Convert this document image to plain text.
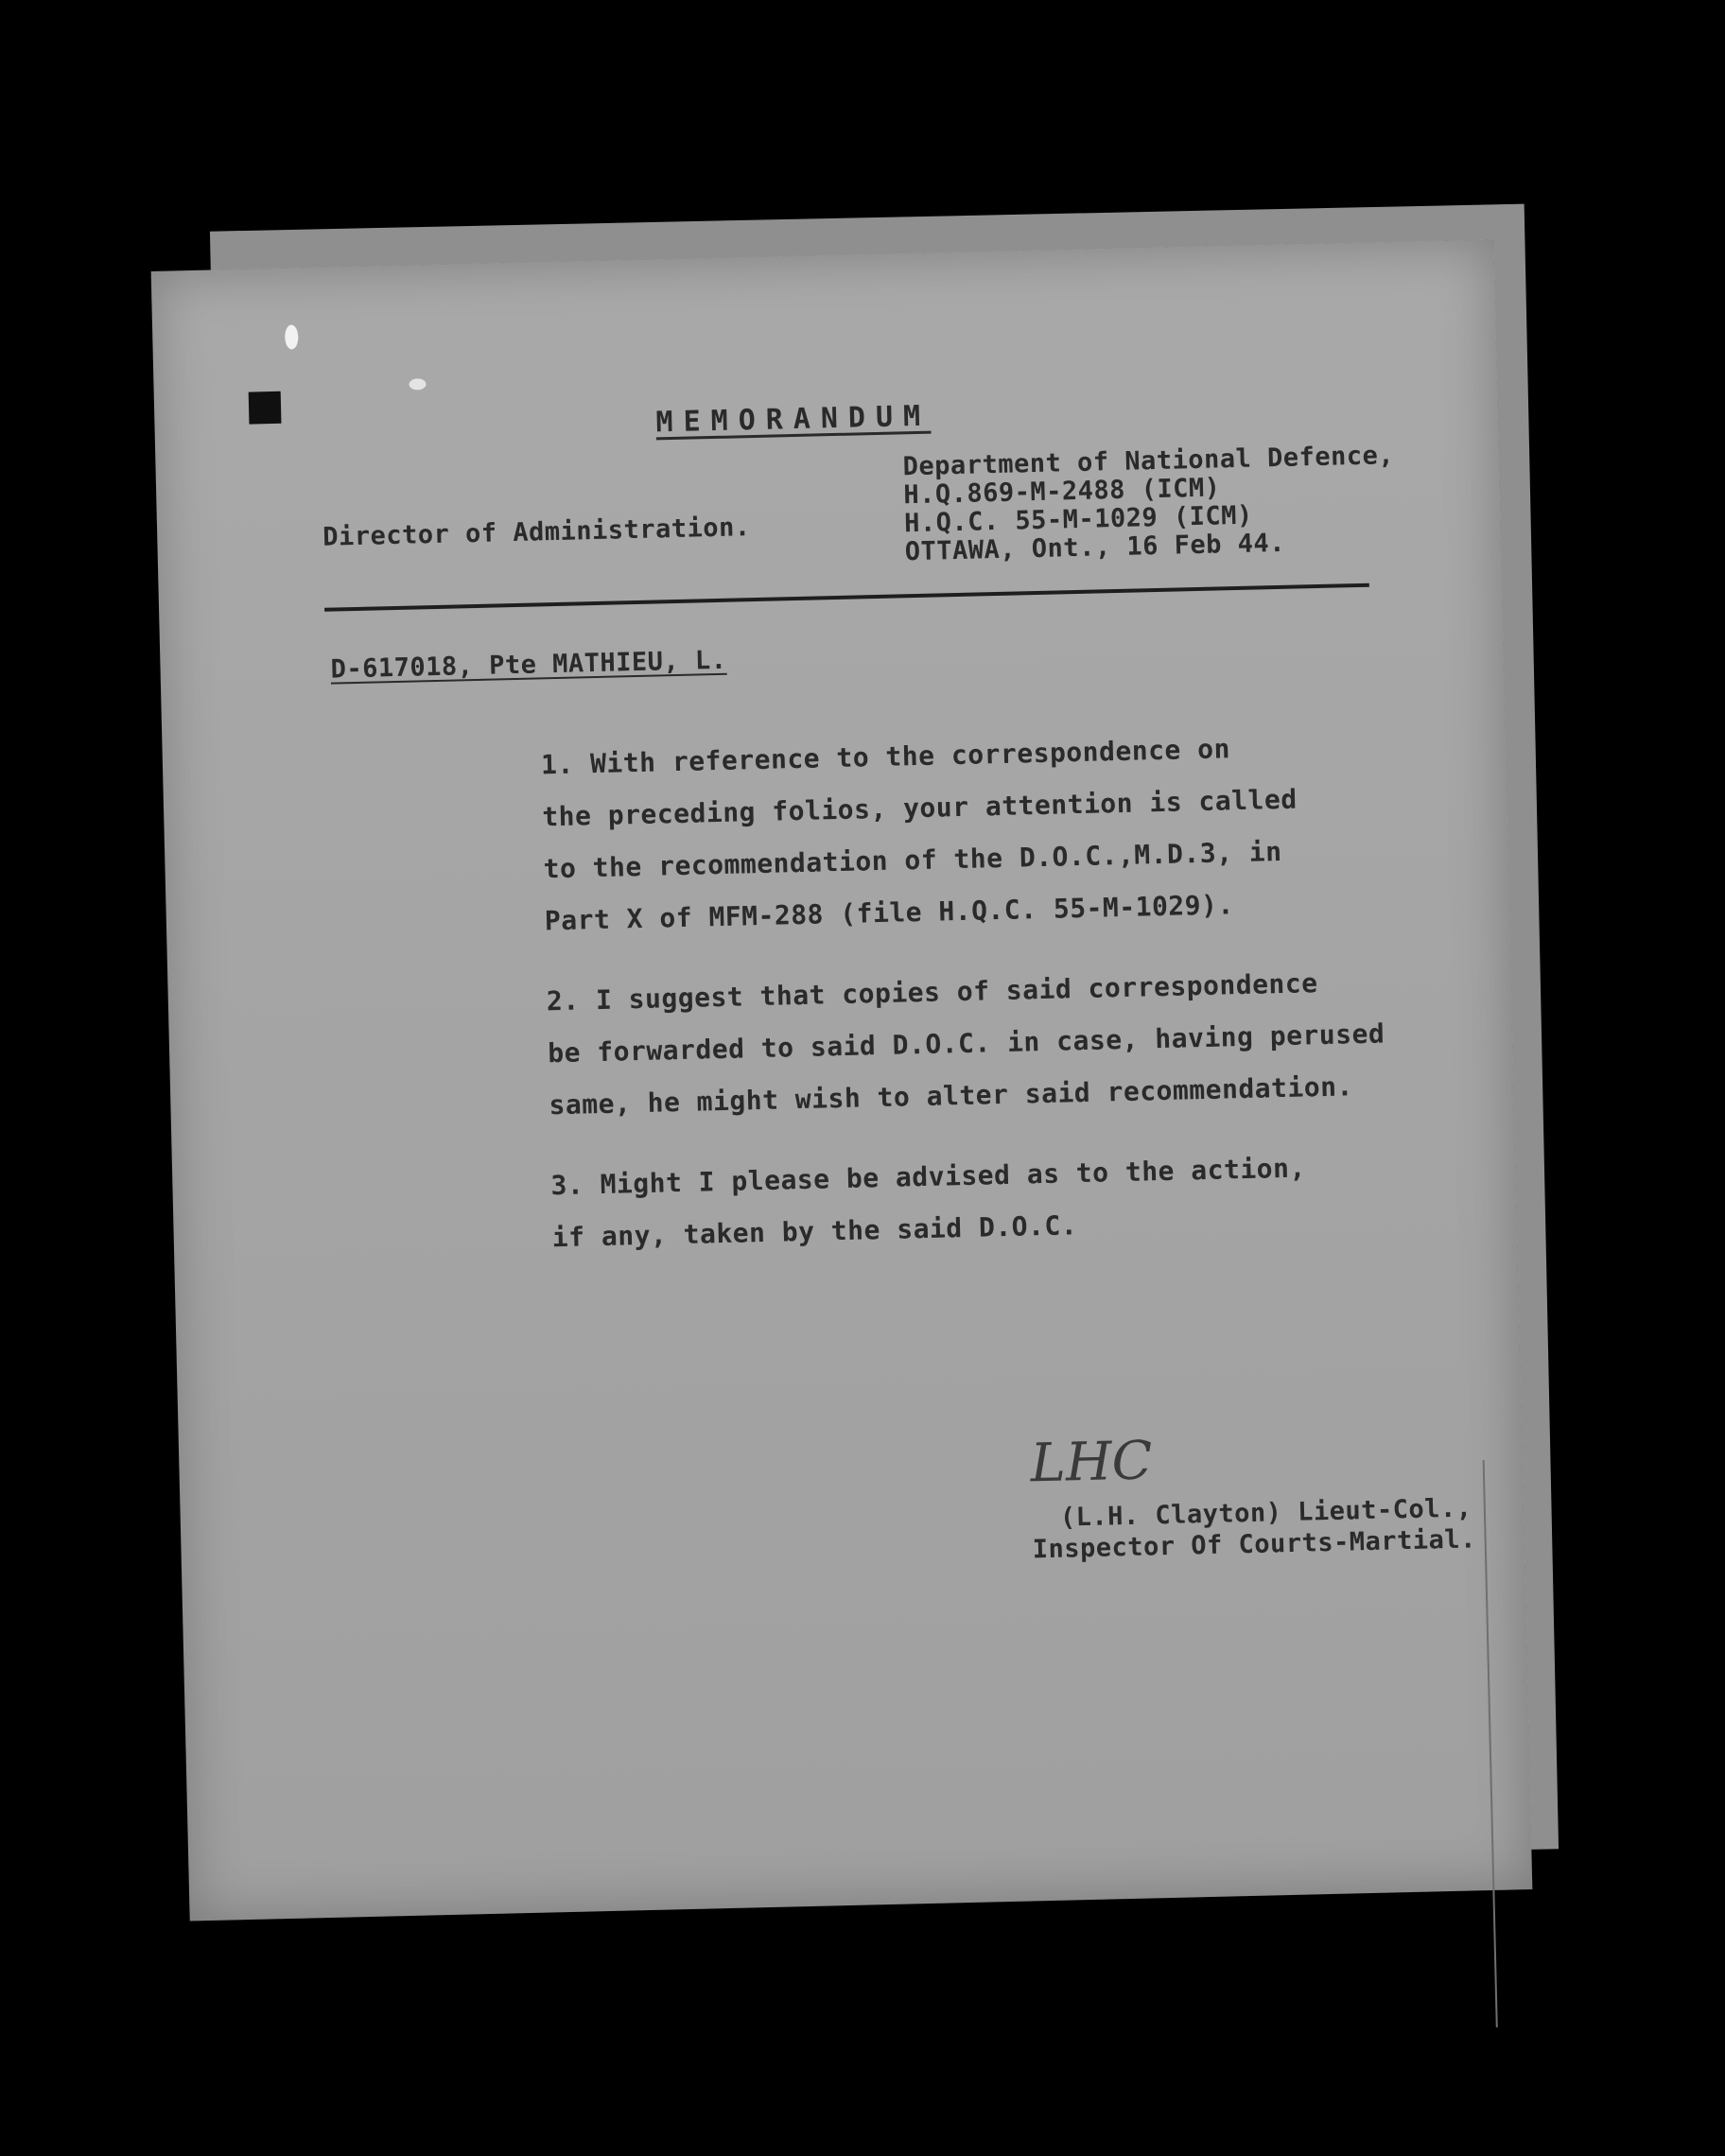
MEMORANDUM
Department of National Defence,
H.Q.869-M-2488 (ICM)
H.Q.C. 55-M-1029 (ICM)
OTTAWA, Ont., 16 Feb 44.
Director of Administration.
D-617018, Pte MATHIEU, L.
1. With reference to the correspondence on
the preceding folios, your attention is called
to the recommendation of the D.O.C.,M.D.3, in
Part X of MFM-288 (file H.Q.C. 55-M-1029).
2. I suggest that copies of said correspondence
be forwarded to said D.O.C. in case, having perused
same, he might wish to alter said recommendation.
3. Might I please be advised as to the action,
if any, taken by the said D.O.C.
LHC
(L.H. Clayton) Lieut-Col.,
Inspector Of Courts-Martial.
